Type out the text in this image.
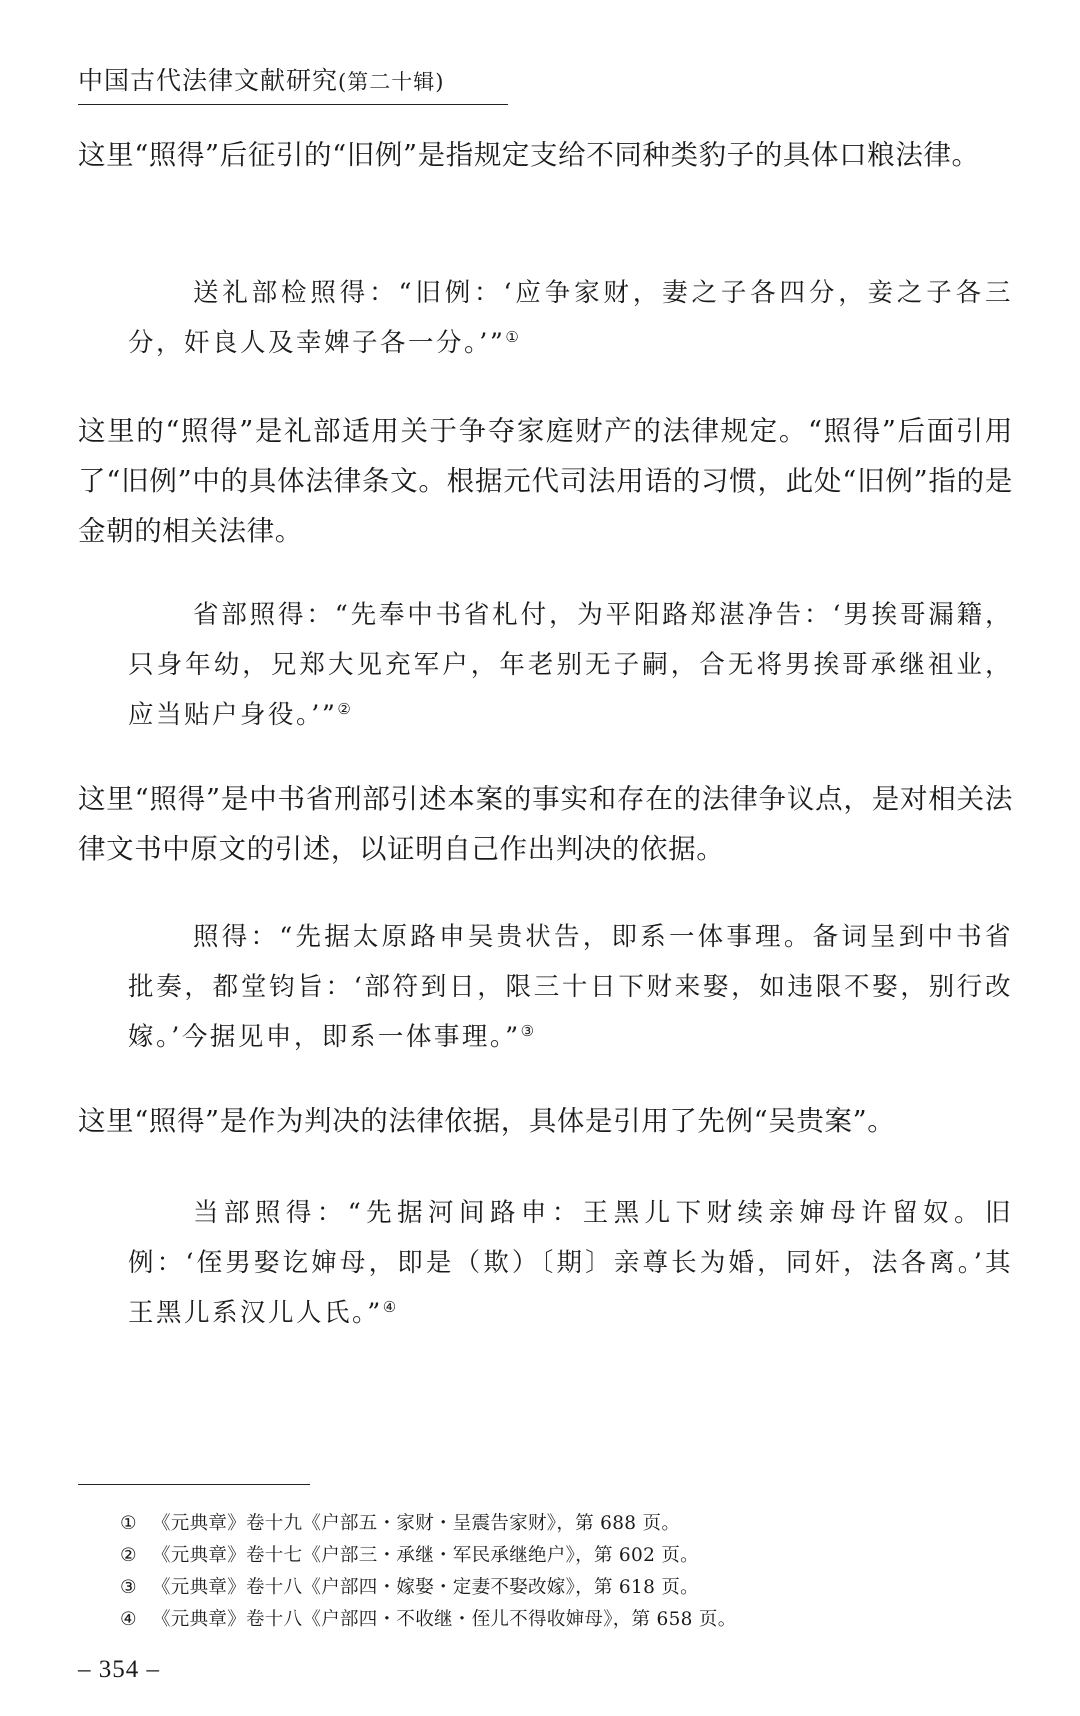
中国古代法律文献研究(第二十辑)

这里“照得”后征引的“旧例”是指规定支给不同种类豹子的具体口粮法律。

送礼部检照得：“旧例：‘应争家财，妻之子各四分，妾之子各三分，奸良人及幸婢子各一分。’”①

这里的“照得”是礼部适用关于争夺家庭财产的法律规定。“照得”后面引用了“旧例”中的具体法律条文。根据元代司法用语的习惯，此处“旧例”指的是金朝的相关法律。

省部照得：“先奉中书省札付，为平阳路郑湛净告：‘男挨哥漏籍，只身年幼，兄郑大见充军户，年老别无子嗣，合无将男挨哥承继祖业，应当贴户身役。’”②

这里“照得”是中书省刑部引述本案的事实和存在的法律争议点，是对相关法律文书中原文的引述，以证明自己作出判决的依据。

照得：“先据太原路申吴贵状告，即系一体事理。备词呈到中书省批奏，都堂钧旨：‘部符到日，限三十日下财来娶，如违限不娶，别行改嫁。’今据见申，即系一体事理。”③

这里“照得”是作为判决的法律依据，具体是引用了先例“吴贵案”。

当部照得：“先据河间路申：王黑儿下财续亲婶母许留奴。旧例：‘侄男娶讫婶母，即是（欺）〔期〕亲尊长为婚，同奸，法各离。’其王黑儿系汉儿人氏。”④

① 《元典章》卷十九《户部五・家财・呈震告家财》，第 688 页。
② 《元典章》卷十七《户部三・承继・军民承继绝户》，第 602 页。
③ 《元典章》卷十八《户部四・嫁娶・定妻不娶改嫁》，第 618 页。
④ 《元典章》卷十八《户部四・不收继・侄儿不得收婶母》，第 658 页。
– 354 –
